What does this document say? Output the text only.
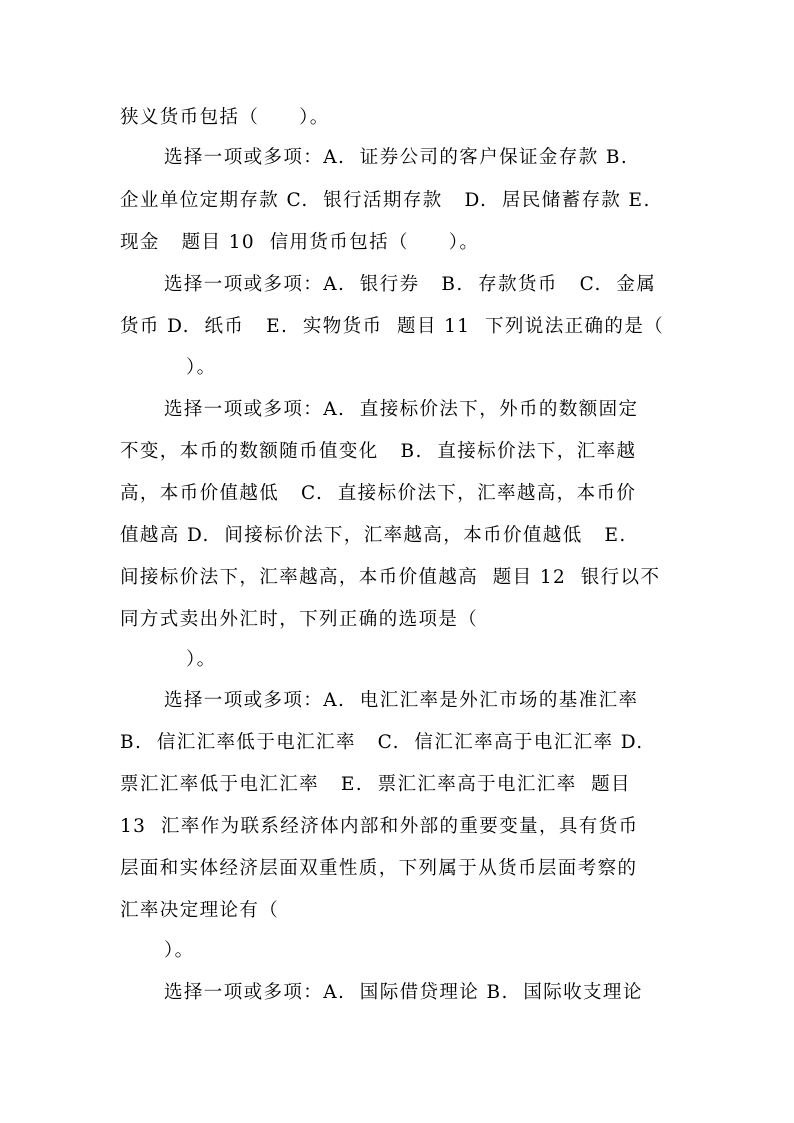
狭义货币包括（　　）。
选择一项或多项：A.  证券公司的客户保证金存款 B.
企业单位定期存款 C.  银行活期存款   D.  居民储蓄存款 E.
现金   题目 10  信用货币包括（　　）。
选择一项或多项：A.  银行券   B.  存款货币   C.  金属
货币 D.  纸币   E.  实物货币  题目 11  下列说法正确的是（
）。
选择一项或多项：A.  直接标价法下，外币的数额固定
不变，本币的数额随币值变化   B.  直接标价法下，汇率越
高，本币价值越低   C.  直接标价法下，汇率越高，本币价
值越高 D.  间接标价法下，汇率越高，本币价值越低   E.
间接标价法下，汇率越高，本币价值越高  题目 12  银行以不
同方式卖出外汇时，下列正确的选项是（
）。
选择一项或多项：A.  电汇汇率是外汇市场的基准汇率
B.  信汇汇率低于电汇汇率   C.  信汇汇率高于电汇汇率 D.
票汇汇率低于电汇汇率   E.  票汇汇率高于电汇汇率  题目
13  汇率作为联系经济体内部和外部的重要变量，具有货币
层面和实体经济层面双重性质，下列属于从货币层面考察的
汇率决定理论有（
）。
选择一项或多项：A.  国际借贷理论 B.  国际收支理论
